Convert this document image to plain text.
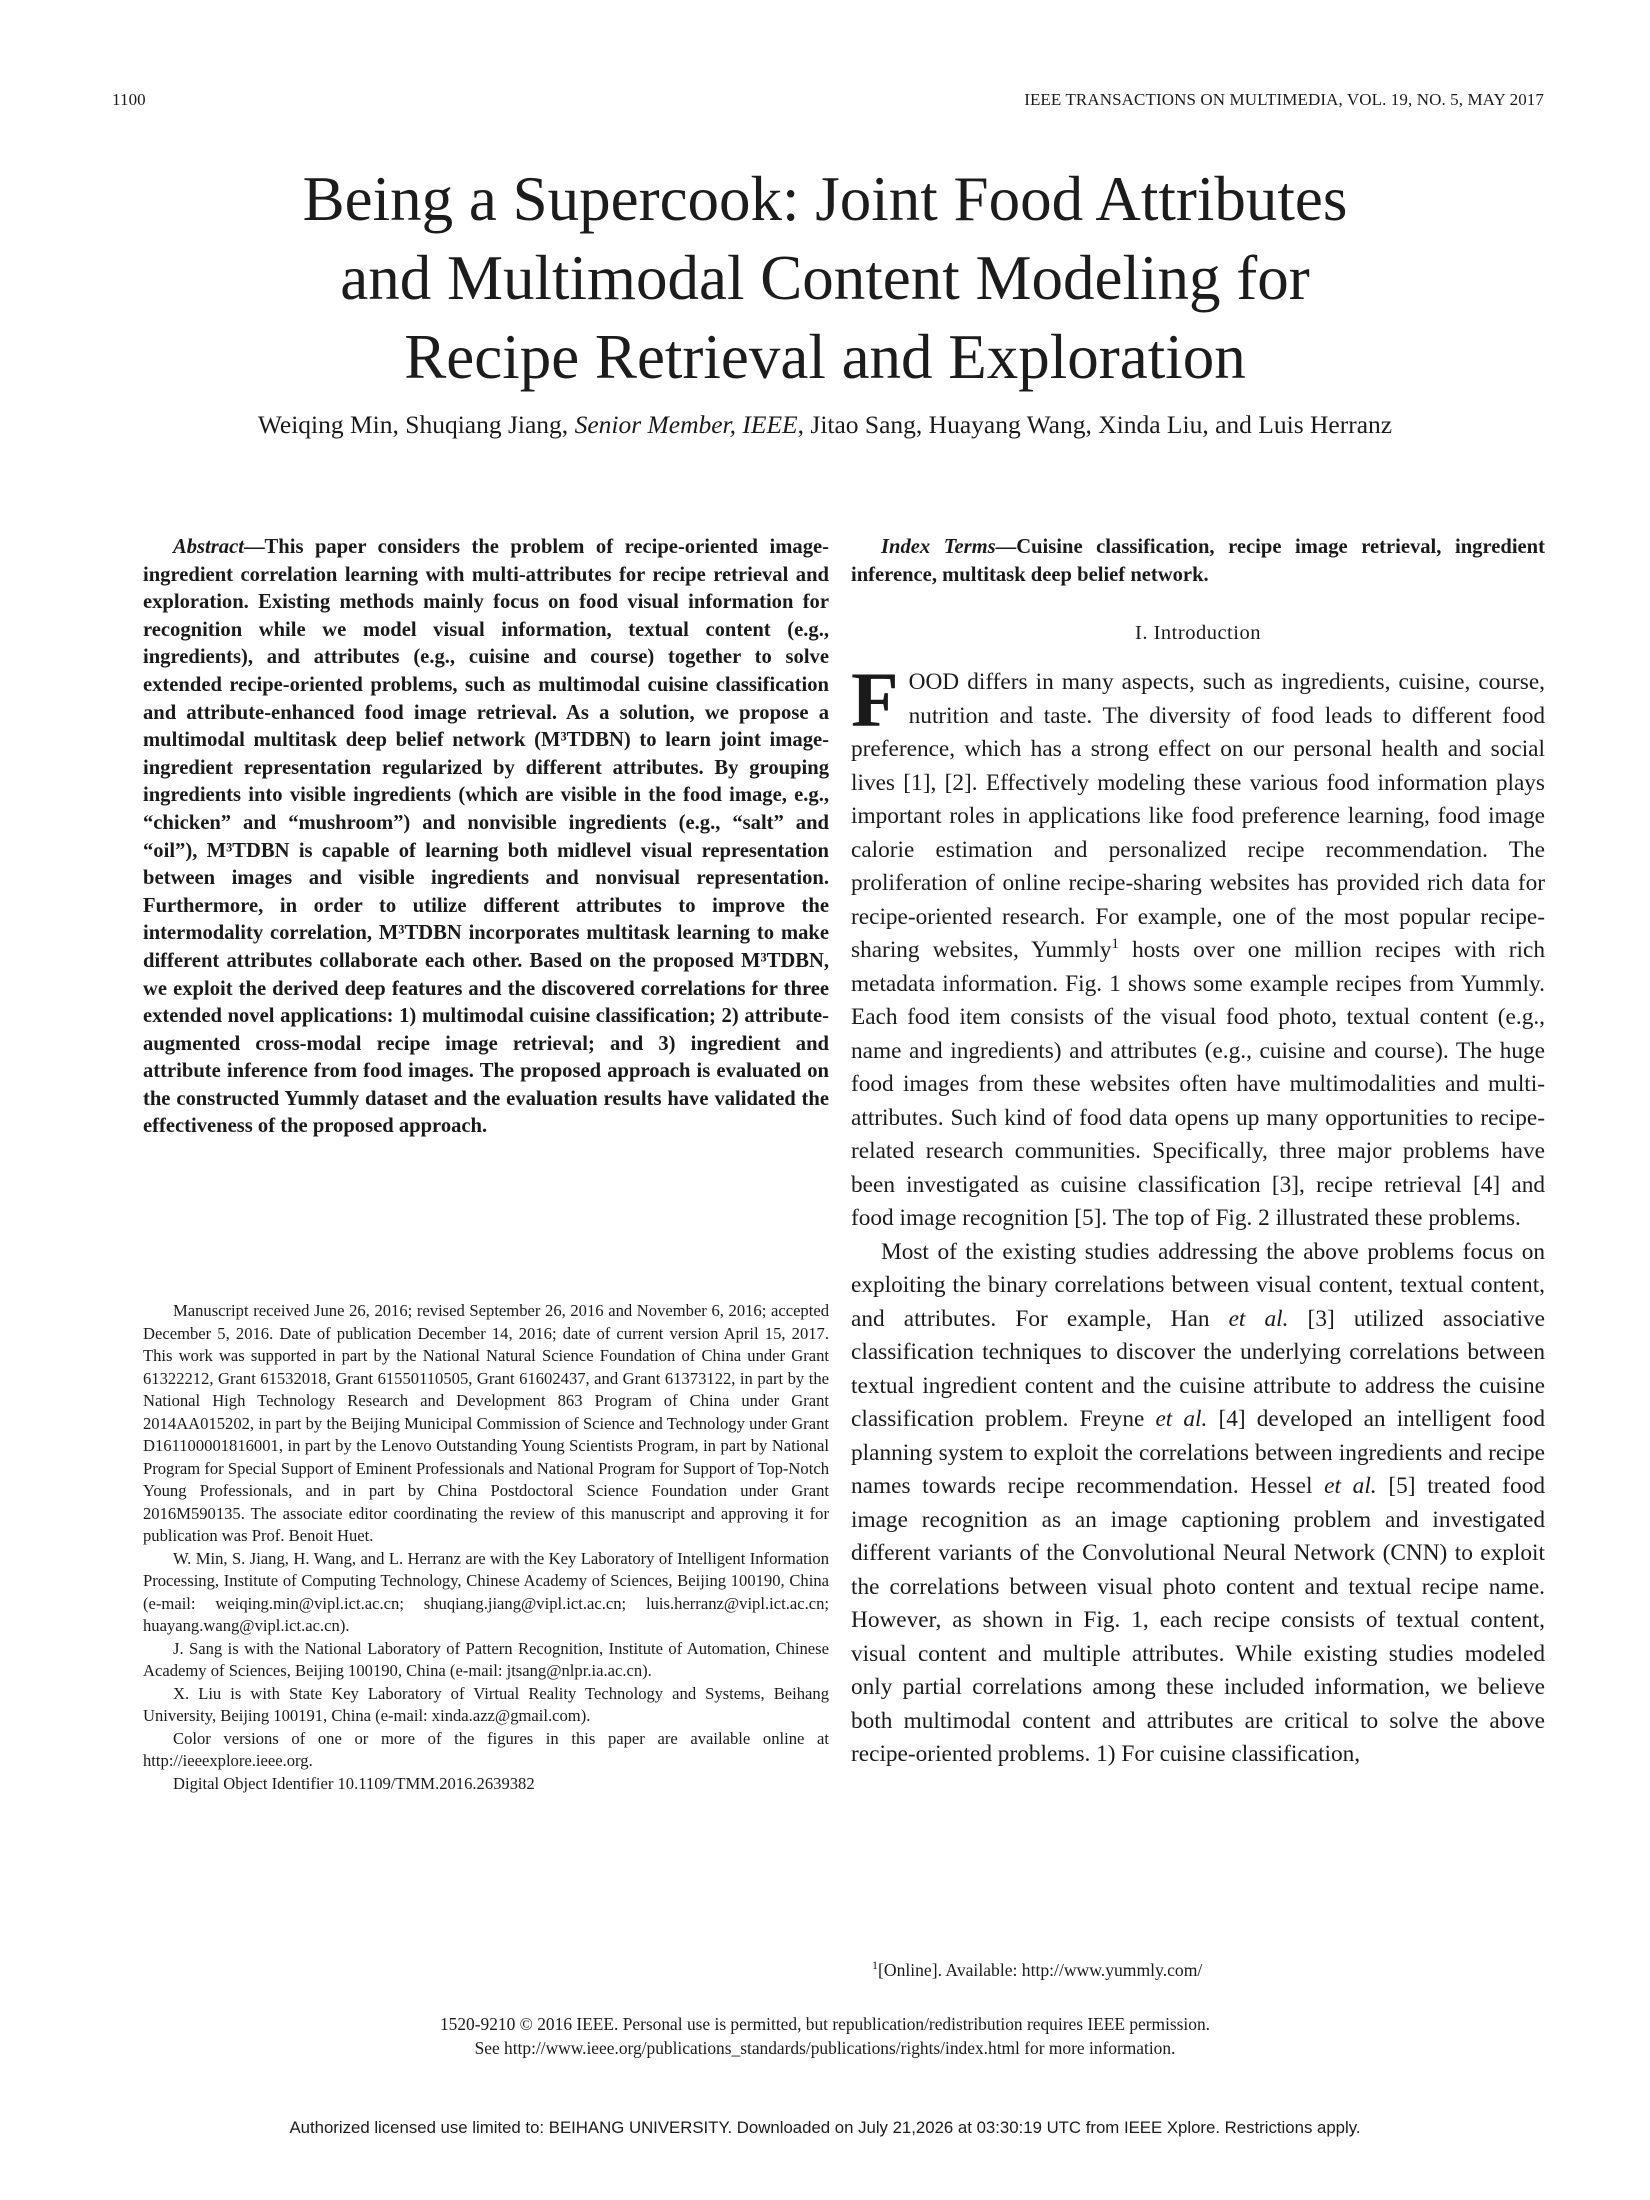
1100	IEEE TRANSACTIONS ON MULTIMEDIA, VOL. 19, NO. 5, MAY 2017
Being a Supercook: Joint Food Attributes
and Multimodal Content Modeling for
Recipe Retrieval and Exploration
Weiqing Min, Shuqiang Jiang, Senior Member, IEEE, Jitao Sang, Huayang Wang, Xinda Liu, and Luis Herranz

Abstract—This paper considers the problem of recipe-oriented image-ingredient correlation learning with multi-attributes for recipe retrieval and exploration. Existing methods mainly focus on food visual information for recognition while we model visual information, textual content (e.g., ingredients), and attributes (e.g., cuisine and course) together to solve extended recipe-oriented problems, such as multimodal cuisine classification and attribute-enhanced food image retrieval. As a solution, we propose a multimodal multitask deep belief network (M³TDBN) to learn joint image-ingredient representation regularized by different attributes. By grouping ingredients into visible ingredients (which are visible in the food image, e.g., “chicken” and “mushroom”) and nonvisible ingredients (e.g., “salt” and “oil”), M³TDBN is capable of learning both midlevel visual representation between images and visible ingredients and nonvisual representation. Furthermore, in order to utilize different attributes to improve the intermodality correlation, M³TDBN incorporates multitask learning to make different attributes collaborate each other. Based on the proposed M³TDBN, we exploit the derived deep features and the discovered correlations for three extended novel applications: 1) multimodal cuisine classification; 2) attribute-augmented cross-modal recipe image retrieval; and 3) ingredient and attribute inference from food images. The proposed approach is evaluated on the constructed Yummly dataset and the evaluation results have validated the effectiveness of the proposed approach.

Manuscript received June 26, 2016; revised September 26, 2016 and November 6, 2016; accepted December 5, 2016. Date of publication December 14, 2016; date of current version April 15, 2017. This work was supported in part by the National Natural Science Foundation of China under Grant 61322212, Grant 61532018, Grant 61550110505, Grant 61602437, and Grant 61373122, in part by the National High Technology Research and Development 863 Program of China under Grant 2014AA015202, in part by the Beijing Municipal Commission of Science and Technology under Grant D161100001816001, in part by the Lenovo Outstanding Young Scientists Program, in part by National Program for Special Support of Eminent Professionals and National Program for Support of Top-Notch Young Professionals, and in part by China Postdoctoral Science Foundation under Grant 2016M590135. The associate editor coordinating the review of this manuscript and approving it for publication was Prof. Benoit Huet.

W. Min, S. Jiang, H. Wang, and L. Herranz are with the Key Laboratory of Intelligent Information Processing, Institute of Computing Technology, Chinese Academy of Sciences, Beijing 100190, China (e-mail: weiqing.min@vipl.ict.ac.cn; shuqiang.jiang@vipl.ict.ac.cn; luis.herranz@vipl.ict.ac.cn; huayang.wang@vipl.ict.ac.cn).

J. Sang is with the National Laboratory of Pattern Recognition, Institute of Automation, Chinese Academy of Sciences, Beijing 100190, China (e-mail: jtsang@nlpr.ia.ac.cn).

X. Liu is with State Key Laboratory of Virtual Reality Technology and Systems, Beihang University, Beijing 100191, China (e-mail: xinda.azz@gmail.com).

Color versions of one or more of the figures in this paper are available online at http://ieeexplore.ieee.org.

Digital Object Identifier 10.1109/TMM.2016.2639382

Index Terms—Cuisine classification, recipe image retrieval, ingredient inference, multitask deep belief network.

I. Introduction

FOOD differs in many aspects, such as ingredients, cuisine, course, nutrition and taste. The diversity of food leads to different food preference, which has a strong effect on our personal health and social lives [1], [2]. Effectively modeling these various food information plays important roles in applications like food preference learning, food image calorie estimation and personalized recipe recommendation. The proliferation of online recipe-sharing websites has provided rich data for recipe-oriented research. For example, one of the most popular recipe-sharing websites, Yummly$^1$ hosts over one million recipes with rich metadata information. Fig. 1 shows some example recipes from Yummly. Each food item consists of the visual food photo, textual content (e.g., name and ingredients) and attributes (e.g., cuisine and course). The huge food images from these websites often have multimodalities and multi-attributes. Such kind of food data opens up many opportunities to recipe-related research communities. Specifically, three major problems have been investigated as cuisine classification [3], recipe retrieval [4] and food image recognition [5]. The top of Fig. 2 illustrated these problems.

Most of the existing studies addressing the above problems focus on exploiting the binary correlations between visual content, textual content, and attributes. For example, Han et al. [3] utilized associative classification techniques to discover the underlying correlations between textual ingredient content and the cuisine attribute to address the cuisine classification problem. Freyne et al. [4] developed an intelligent food planning system to exploit the correlations between ingredients and recipe names towards recipe recommendation. Hessel et al. [5] treated food image recognition as an image captioning problem and investigated different variants of the Convolutional Neural Network (CNN) to exploit the correlations between visual photo content and textual recipe name. However, as shown in Fig. 1, each recipe consists of textual content, visual content and multiple attributes. While existing studies modeled only partial correlations among these included information, we believe both multimodal content and attributes are critical to solve the above recipe-oriented problems. 1) For cuisine classification,

$^1$[Online]. Available: http://www.yummly.com/
1520-9210 © 2016 IEEE. Personal use is permitted, but republication/redistribution requires IEEE permission.
See http://www.ieee.org/publications_standards/publications/rights/index.html for more information.
Authorized licensed use limited to: BEIHANG UNIVERSITY. Downloaded on July 21,2026 at 03:30:19 UTC from IEEE Xplore. Restrictions apply.
